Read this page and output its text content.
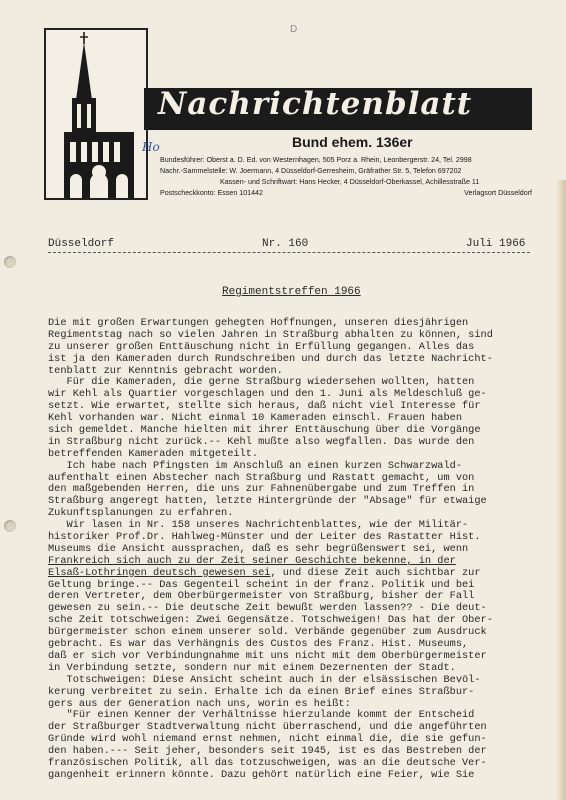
D
Nachrichtenblatt
Bund ehem. 136er
Ho
Bundesführer: Oberst a. D. Ed. von Westernhagen, 505 Porz a. Rhein, Leonbergerstr. 24, Tel. 2998
Nachr.-Sammelstelle: W. Joermann, 4 Düsseldorf-Gerresheim, Gräfrather Str. 5, Telefon 697202
Kassen- und Schriftwart: Hans Hecker, 4 Düsseldorf-Oberkassel, Achillesstraße 11
Postscheckkonto: Essen 101442	Verlagsort Düsseldorf
Düsseldorf	Nr. 160	Juli 1966
Regimentstreffen 1966
Die mit großen Erwartungen gehegten Hoffnungen, unseren diesjährigen
Regimentstag nach so vielen Jahren in Straßburg abhalten zu können, sind
zu unserer großen Enttäuschung nicht in Erfüllung gegangen. Alles das
ist ja den Kameraden durch Rundschreiben und durch das letzte Nachricht-
tenblatt zur Kenntnis gebracht worden.
Für die Kameraden, die gerne Straßburg wiedersehen wollten, hatten
wir Kehl als Quartier vorgeschlagen und den 1. Juni als Meldeschluß ge-
setzt. Wie erwartet, stellte sich heraus, daß nicht viel Interesse für
Kehl vorhanden war. Nicht einmal 10 Kameraden einschl. Frauen haben
sich gemeldet. Manche hielten mit ihrer Enttäuschung über die Vorgänge
in Straßburg nicht zurück.-- Kehl mußte also wegfallen. Das wurde den
betreffenden Kameraden mitgeteilt.
Ich habe nach Pfingsten im Anschluß an einen kurzen Schwarzwald-
aufenthalt einen Abstecher nach Straßburg und Rastatt gemacht, um von
den maßgebenden Herren, die uns zur Fahnenübergabe und zum Treffen in
Straßburg angeregt hatten, letzte Hintergründe der "Absage" für etwaige
Zukunftsplanungen zu erfahren.
Wir lasen in Nr. 158 unseres Nachrichtenblattes, wie der Militär-
historiker Prof.Dr. Hahlweg-Münster und der Leiter des Rastatter Hist.
Museums die Ansicht aussprachen, daß es sehr begrüßenswert sei, wenn
Frankreich sich auch zu der Zeit seiner Geschichte bekenne, in der
Elsaß-Lothringen deutsch gewesen sei, und diese Zeit auch sichtbar zur
Geltung bringe.-- Das Gegenteil scheint in der franz. Politik und bei
deren Vertreter, dem Oberbürgermeister von Straßburg, bisher der Fall
gewesen zu sein.-- Die deutsche Zeit bewußt werden lassen?? - Die deut-
sche Zeit totschweigen: Zwei Gegensätze. Totschweigen! Das hat der Ober-
bürgermeister schon einem unserer sold. Verbände gegenüber zum Ausdruck
gebracht. Es war das Verhängnis des Custos des Franz. Hist. Museums,
daß er sich vor Verbindungnahme mit uns nicht mit dem Oberbürgermeister
in Verbindung setzte, sondern nur mit einem Dezernenten der Stadt.
Totschweigen: Diese Ansicht scheint auch in der elsässischen Bevöl-
kerung verbreitet zu sein. Erhalte ich da einen Brief eines Straßbur-
gers aus der Generation nach uns, worin es heißt:
"Für einen Kenner der Verhältnisse hierzulande kommt der Entscheid
der Straßburger Stadtverwaltung nicht überraschend, und die angeführten
Gründe wird wohl niemand ernst nehmen, nicht einmal die, die sie gefun-
den haben.--- Seit jeher, besonders seit 1945, ist es das Bestreben der
französischen Politik, all das totzuschweigen, was an die deutsche Ver-
gangenheit erinnern könnte. Dazu gehört natürlich eine Feier, wie Sie
